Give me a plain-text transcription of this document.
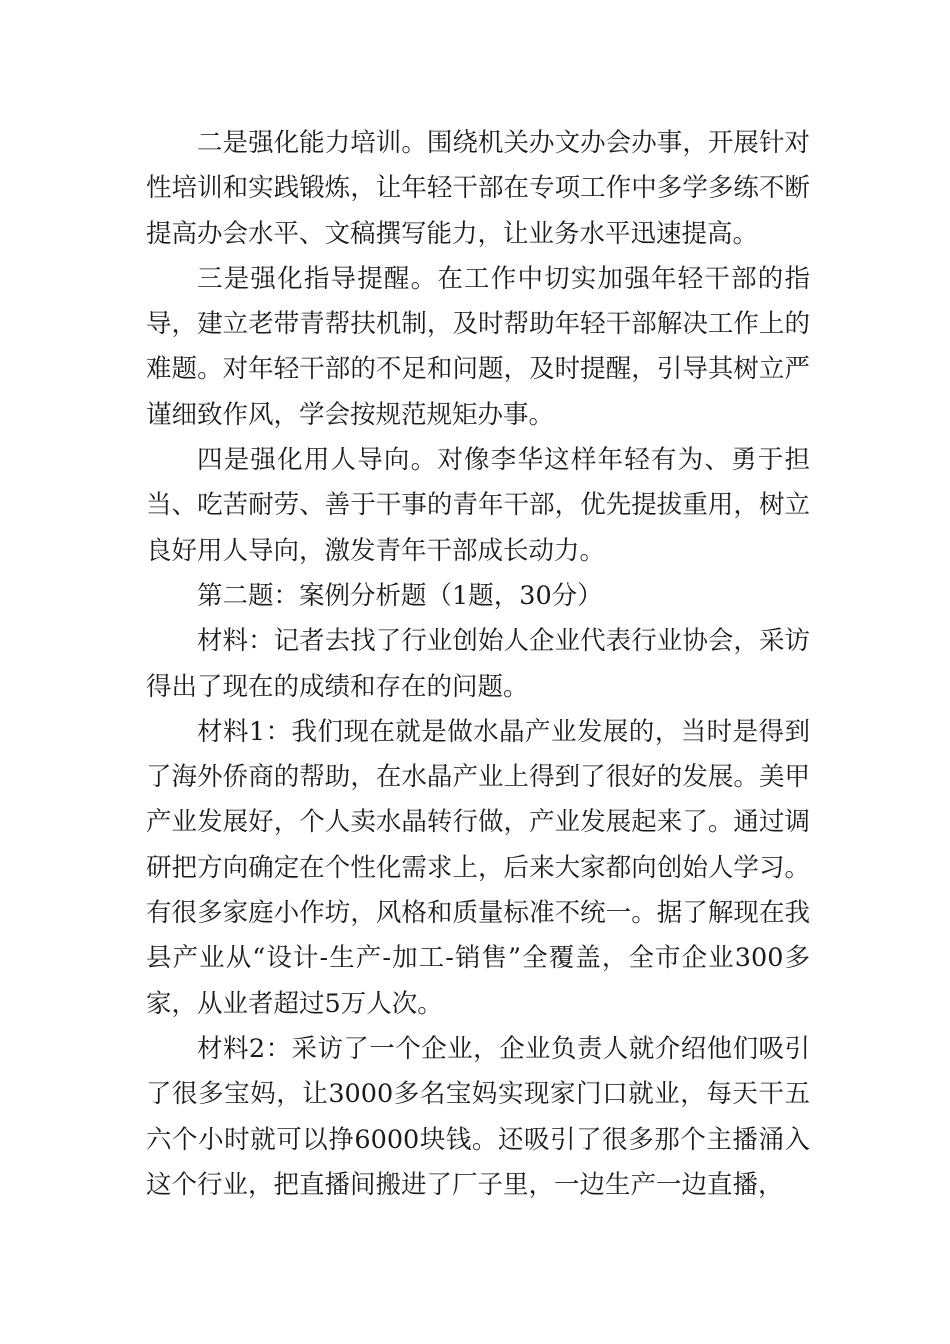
二是强化能力培训。围绕机关办文办会办事，开展针对性培训和实践锻炼，让年轻干部在专项工作中多学多练不断提高办会水平、文稿撰写能力，让业务水平迅速提高。

三是强化指导提醒。在工作中切实加强年轻干部的指导，建立老带青帮扶机制，及时帮助年轻干部解决工作上的难题。对年轻干部的不足和问题，及时提醒，引导其树立严谨细致作风，学会按规范规矩办事。

四是强化用人导向。对像李华这样年轻有为、勇于担当、吃苦耐劳、善于干事的青年干部，优先提拔重用，树立良好用人导向，激发青年干部成长动力。

第二题：案例分析题（1题，30分）

材料：记者去找了行业创始人企业代表行业协会，采访得出了现在的成绩和存在的问题。

材料1：我们现在就是做水晶产业发展的，当时是得到了海外侨商的帮助，在水晶产业上得到了很好的发展。美甲产业发展好，个人卖水晶转行做，产业发展起来了。通过调研把方向确定在个性化需求上，后来大家都向创始人学习。有很多家庭小作坊，风格和质量标准不统一。据了解现在我县产业从“设计-生产-加工-销售”全覆盖，全市企业300多家，从业者超过5万人次。

材料2：采访了一个企业，企业负责人就介绍他们吸引了很多宝妈，让3000多名宝妈实现家门口就业，每天干五六个小时就可以挣6000块钱。还吸引了很多那个主播涌入这个行业，把直播间搬进了厂子里，一边生产一边直播，
